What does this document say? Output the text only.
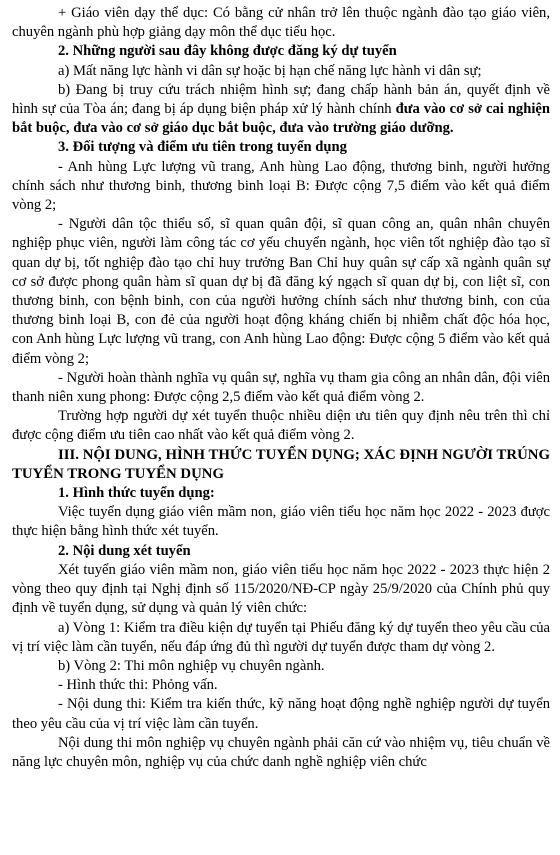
+ Giáo viên dạy thể dục: Có bằng cử nhân trở lên thuộc ngành đào tạo giáo viên, chuyên ngành phù hợp giảng dạy môn thể dục tiểu học.

2. Những người sau đây không được đăng ký dự tuyển

a) Mất năng lực hành vi dân sự hoặc bị hạn chế năng lực hành vi dân sự;

b) Đang bị truy cứu trách nhiệm hình sự; đang chấp hành bản án, quyết định về hình sự của Tòa án; đang bị áp dụng biện pháp xử lý hành chính đưa vào cơ sở cai nghiện bắt buộc, đưa vào cơ sở giáo dục bắt buộc, đưa vào trường giáo dưỡng.

3. Đối tượng và điểm ưu tiên trong tuyển dụng

- Anh hùng Lực lượng vũ trang, Anh hùng Lao động, thương binh, người hưởng chính sách như thương binh, thương binh loại B: Được cộng 7,5 điểm vào kết quả điểm vòng 2;

- Người dân tộc thiểu số, sĩ quan quân đội, sĩ quan công an, quân nhân chuyên nghiệp phục viên, người làm công tác cơ yếu chuyển ngành, học viên tốt nghiệp đào tạo sĩ quan dự bị, tốt nghiệp đào tạo chỉ huy trưởng Ban Chỉ huy quân sự cấp xã ngành quân sự cơ sở được phong quân hàm sĩ quan dự bị đã đăng ký ngạch sĩ quan dự bị, con liệt sĩ, con thương binh, con bệnh binh, con của người hưởng chính sách như thương binh, con của thương binh loại B, con đẻ của người hoạt động kháng chiến bị nhiễm chất độc hóa học, con Anh hùng Lực lượng vũ trang, con Anh hùng Lao động: Được cộng 5 điểm vào kết quả điểm vòng 2;

- Người hoàn thành nghĩa vụ quân sự, nghĩa vụ tham gia công an nhân dân, đội viên thanh niên xung phong: Được cộng 2,5 điểm vào kết quả điểm vòng 2.

Trường hợp người dự xét tuyển thuộc nhiều diện ưu tiên quy định nêu trên thì chỉ được cộng điểm ưu tiên cao nhất vào kết quả điểm vòng 2.

III. NỘI DUNG, HÌNH THỨC TUYỂN DỤNG; XÁC ĐỊNH NGƯỜI TRÚNG TUYỂN TRONG TUYỂN DỤNG

1. Hình thức tuyển dụng:

Việc tuyển dụng giáo viên mầm non, giáo viên tiểu học năm học 2022 - 2023 được thực hiện bằng hình thức xét tuyển.

2. Nội dung xét tuyển

Xét tuyển giáo viên mầm non, giáo viên tiểu học năm học 2022 - 2023 thực hiện 2 vòng theo quy định tại Nghị định số 115/2020/NĐ-CP ngày 25/9/2020 của Chính phủ quy định về tuyển dụng, sử dụng và quản lý viên chức:

a) Vòng 1: Kiểm tra điều kiện dự tuyển tại Phiếu đăng ký dự tuyển theo yêu cầu của vị trí việc làm cần tuyển, nếu đáp ứng đủ thì người dự tuyển được tham dự vòng 2.

b) Vòng 2: Thi môn nghiệp vụ chuyên ngành.

- Hình thức thi: Phỏng vấn.

- Nội dung thi: Kiểm tra kiến thức, kỹ năng hoạt động nghề nghiệp người dự tuyển theo yêu cầu của vị trí việc làm cần tuyển.

Nội dung thi môn nghiệp vụ chuyên ngành phải căn cứ vào nhiệm vụ, tiêu chuẩn về năng lực chuyên môn, nghiệp vụ của chức danh nghề nghiệp viên chức
